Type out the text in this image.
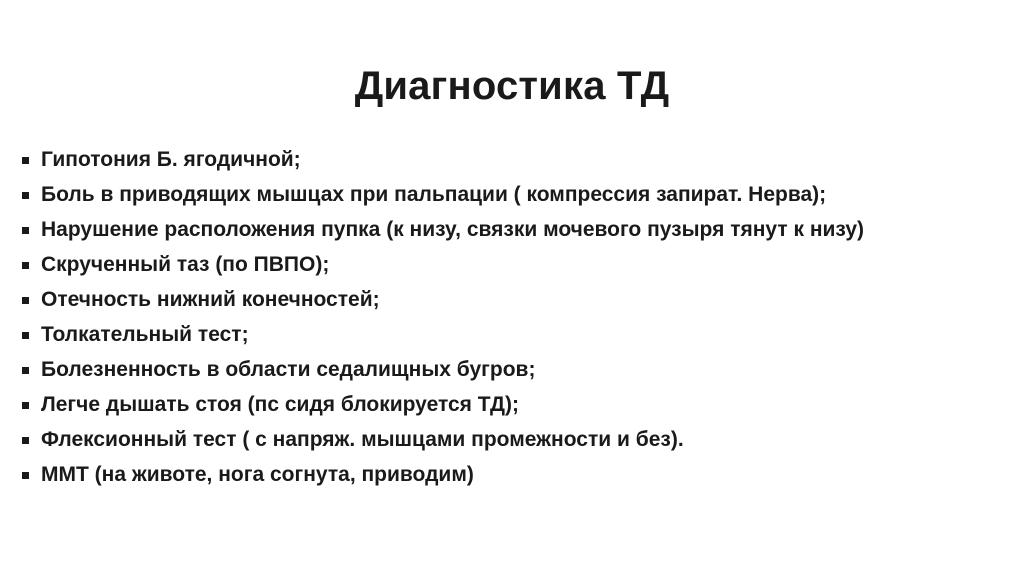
Диагностика ТД
Гипотония Б. ягодичной;
Боль в приводящих мышцах при пальпации ( компрессия запират. Нерва);
Нарушение расположения пупка (к низу, связки мочевого пузыря тянут к низу)
Скрученный таз (по ПВПО);
Отечность нижний конечностей;
Толкательный тест;
Болезненность в области седалищных бугров;
Легче дышать стоя (пс сидя блокируется ТД);
Флексионный тест ( с напряж. мышцами промежности и без).
ММТ (на животе, нога согнута, приводим)
